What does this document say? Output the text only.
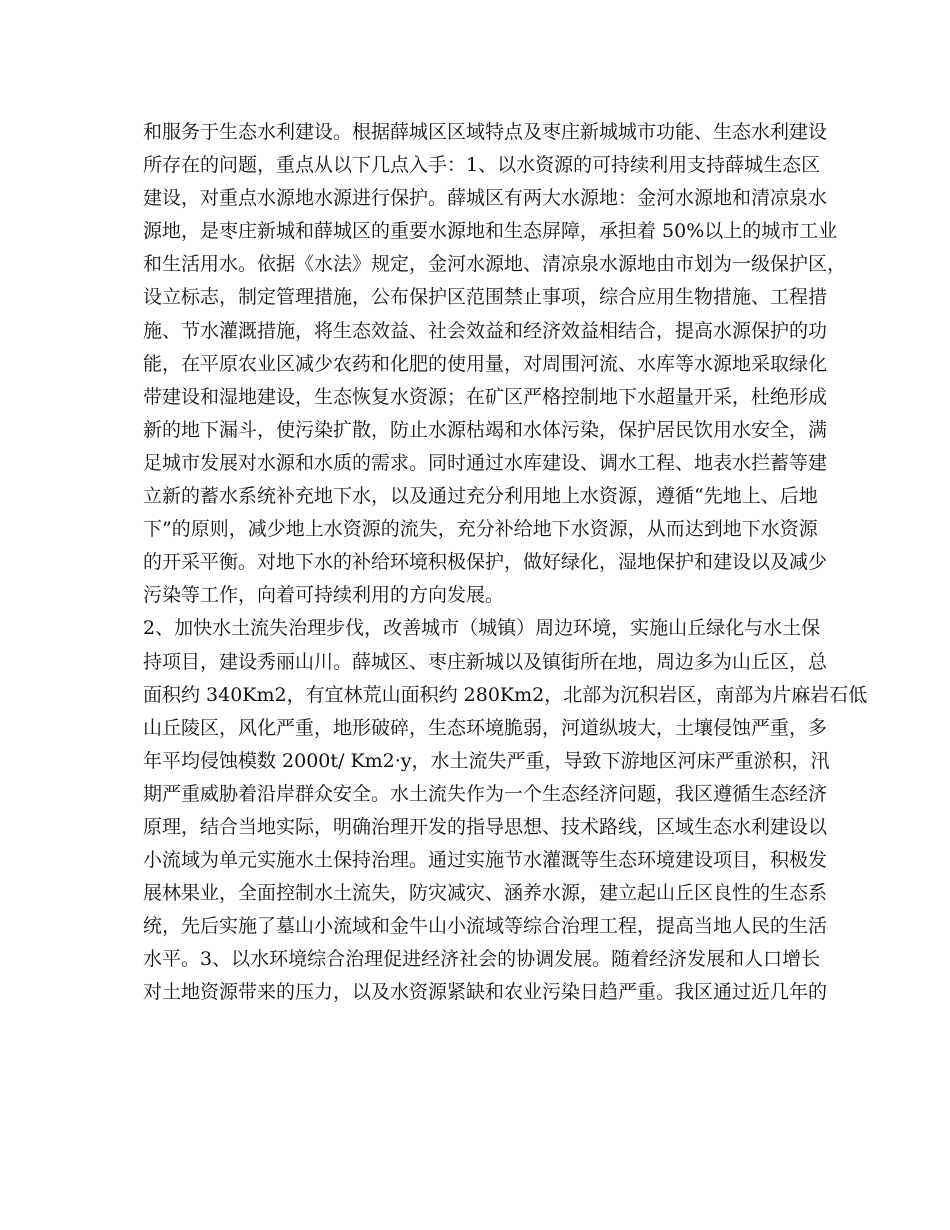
和服务于生态水利建设。根据薛城区区域特点及枣庄新城城市功能、生态水利建设
所存在的问题，重点从以下几点入手：1、以水资源的可持续利用支持薛城生态区
建设，对重点水源地水源进行保护。薛城区有两大水源地：金河水源地和清凉泉水
源地，是枣庄新城和薛城区的重要水源地和生态屏障，承担着 50%以上的城市工业
和生活用水。依据《水法》规定，金河水源地、清凉泉水源地由市划为一级保护区，
设立标志，制定管理措施，公布保护区范围禁止事项，综合应用生物措施、工程措
施、节水灌溉措施，将生态效益、社会效益和经济效益相结合，提高水源保护的功
能，在平原农业区减少农药和化肥的使用量，对周围河流、水库等水源地采取绿化
带建设和湿地建设，生态恢复水资源；在矿区严格控制地下水超量开采，杜绝形成
新的地下漏斗，使污染扩散，防止水源枯竭和水体污染，保护居民饮用水安全，满
足城市发展对水源和水质的需求。同时通过水库建设、调水工程、地表水拦蓄等建
立新的蓄水系统补充地下水，以及通过充分利用地上水资源，遵循“先地上、后地
下”的原则，减少地上水资源的流失，充分补给地下水资源，从而达到地下水资源
的开采平衡。对地下水的补给环境积极保护，做好绿化，湿地保护和建设以及减少
污染等工作，向着可持续利用的方向发展。
2、加快水土流失治理步伐，改善城市（城镇）周边环境，实施山丘绿化与水土保
持项目，建设秀丽山川。薛城区、枣庄新城以及镇街所在地，周边多为山丘区，总
面积约 340Km2，有宜林荒山面积约 280Km2，北部为沉积岩区，南部为片麻岩石低
山丘陵区，风化严重，地形破碎，生态环境脆弱，河道纵坡大，土壤侵蚀严重，多
年平均侵蚀模数 2000t/ Km2·y，水土流失严重，导致下游地区河床严重淤积，汛
期严重威胁着沿岸群众安全。水土流失作为一个生态经济问题，我区遵循生态经济
原理，结合当地实际，明确治理开发的指导思想、技术路线，区域生态水利建设以
小流域为单元实施水土保持治理。通过实施节水灌溉等生态环境建设项目，积极发
展林果业，全面控制水土流失，防灾减灾、涵养水源，建立起山丘区良性的生态系
统，先后实施了墓山小流域和金牛山小流域等综合治理工程，提高当地人民的生活
水平。3、以水环境综合治理促进经济社会的协调发展。随着经济发展和人口增长
对土地资源带来的压力，以及水资源紧缺和农业污染日趋严重。我区通过近几年的
